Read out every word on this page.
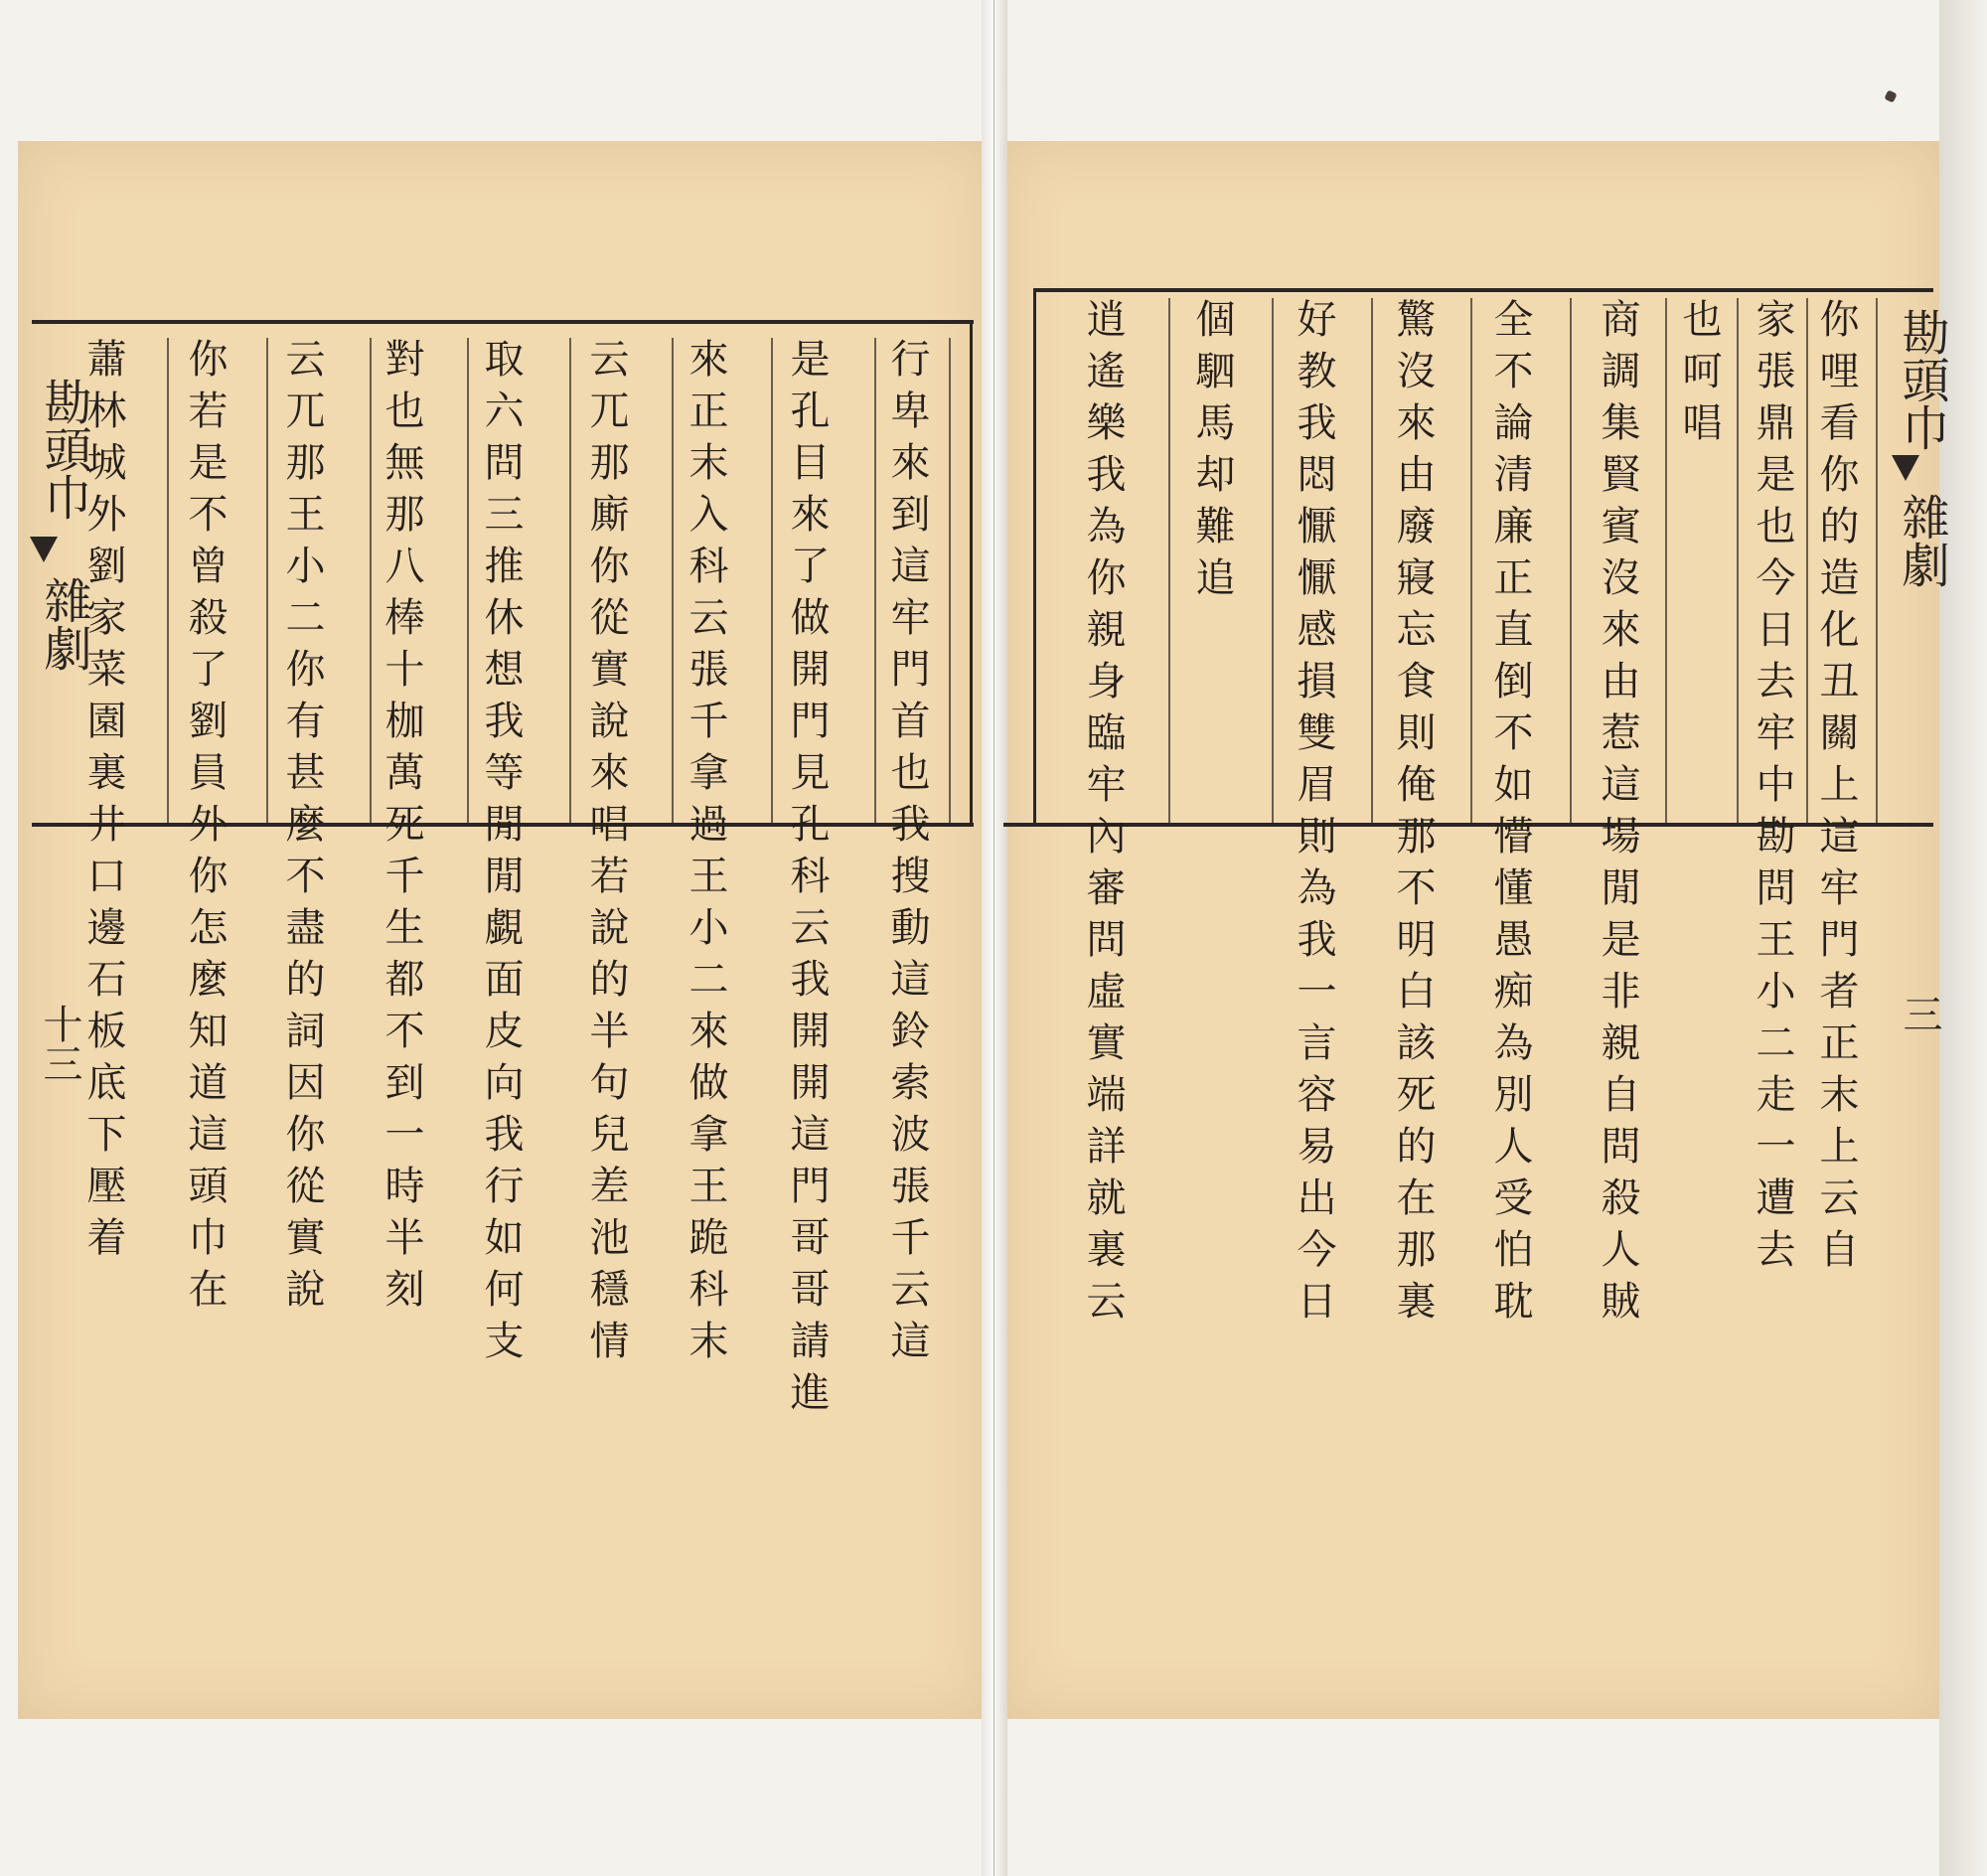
勘頭巾
雜劇
十三
勘頭巾
雜劇
三
行卑來到這牢門首也我搜動這鈴索波張千云這
是孔目來了做開門見孔科云我開開這門哥哥請進
來正末入科云張千拿過王小二來做拿王跪科末
云兀那廝你從實說來唱若說的半句兒差池穩情
取六問三推休想我等閒閒覷面皮向我行如何支
對也無那八棒十枷萬死千生都不到一時半刻
云兀那王小二你有甚麼不盡的詞因你從實說
你若是不曾殺了劉員外你怎麼知道這頭巾在
蕭林城外劉家菜園裏井口邊石板底下壓着	你哩看你的造化丑關上這牢門者正末上云自
家張鼎是也今日去牢中勘問王小二走一遭去
也呵唱
商調集賢賓沒來由惹這場閒是非親自問殺人賊
全不論清廉正直倒不如懵懂愚痴為別人受怕耽
驚沒來由廢寢忘食則俺那不明白該死的在那裏
好教我悶懨懨感損雙眉則為我一言容易出今日
個駟馬却難追
逍遙樂我為你親身臨牢內審問虛實端詳就裏云
